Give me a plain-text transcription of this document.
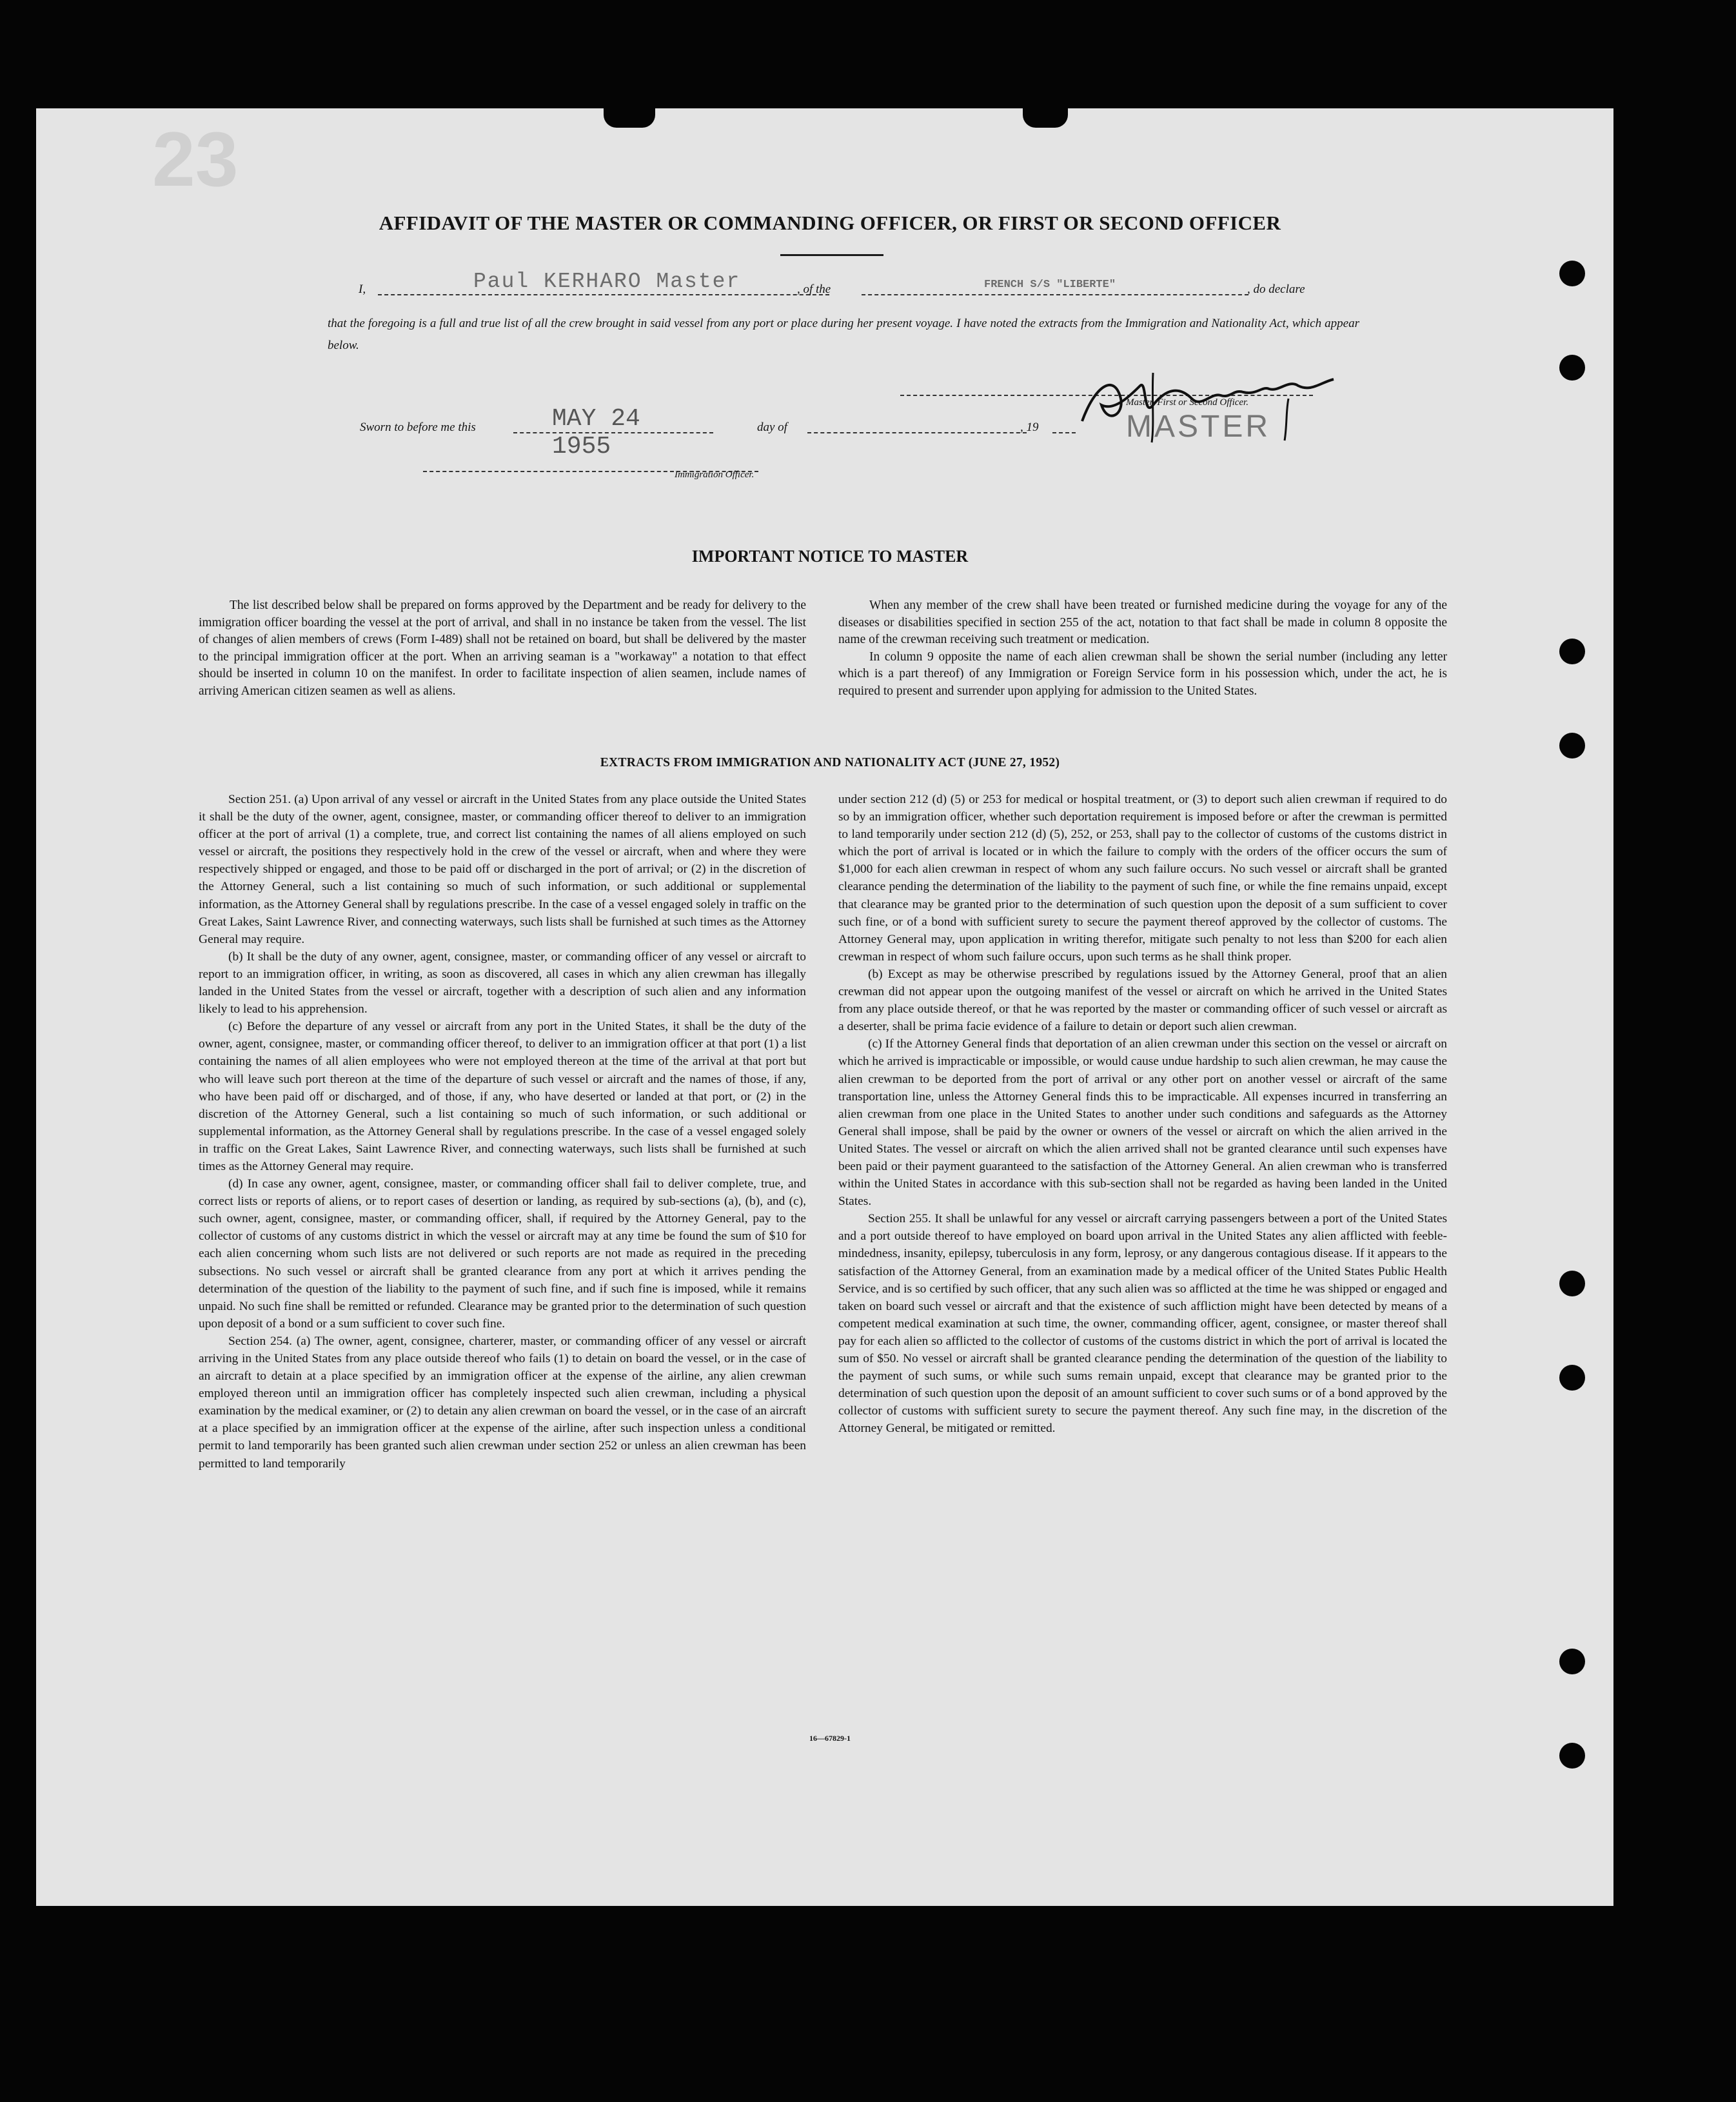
23
AFFIDAVIT OF THE MASTER OR COMMANDING OFFICER, OR FIRST OR SECOND OFFICER
I,	Paul KERHARO Master	, of the	FRENCH S/S "LIBERTE"	, do declare
that the foregoing is a full and true list of all the crew brought in said vessel from any port or place during her present voyage. I have noted the extracts from the Immigration and Nationality Act, which appear below.
Master, First or Second Officer.
MASTER
Sworn to before me this	MAY 24 1955
day of	, 19
Immigration Officer.
IMPORTANT NOTICE TO MASTER

The list described below shall be prepared on forms approved by the Department and be ready for delivery to the immigration officer boarding the vessel at the port of arrival, and shall in no instance be taken from the vessel. The list of changes of alien members of crews (Form I-489) shall not be retained on board, but shall be delivered by the master to the principal immigration officer at the port. When an arriving seaman is a "workaway" a notation to that effect should be inserted in column 10 on the manifest. In order to facilitate inspection of alien seamen, include names of arriving American citizen seamen as well as aliens.

When any member of the crew shall have been treated or furnished medicine during the voyage for any of the diseases or disabilities specified in section 255 of the act, notation to that fact shall be made in column 8 opposite the name of the crewman receiving such treatment or medication.

In column 9 opposite the name of each alien crewman shall be shown the serial number (including any letter which is a part thereof) of any Immigration or Foreign Service form in his possession which, under the act, he is required to present and surrender upon applying for admission to the United States.

EXTRACTS FROM IMMIGRATION AND NATIONALITY ACT (JUNE 27, 1952)

Section 251. (a) Upon arrival of any vessel or aircraft in the United States from any place outside the United States it shall be the duty of the owner, agent, consignee, master, or commanding officer thereof to deliver to an immigration officer at the port of arrival (1) a complete, true, and correct list containing the names of all aliens employed on such vessel or aircraft, the positions they respectively hold in the crew of the vessel or aircraft, when and where they were respectively shipped or engaged, and those to be paid off or discharged in the port of arrival; or (2) in the discretion of the Attorney General, such a list containing so much of such information, or such additional or supplemental information, as the Attorney General shall by regulations prescribe. In the case of a vessel engaged solely in traffic on the Great Lakes, Saint Lawrence River, and connecting waterways, such lists shall be furnished at such times as the Attorney General may require.

(b) It shall be the duty of any owner, agent, consignee, master, or commanding officer of any vessel or aircraft to report to an immigration officer, in writing, as soon as discovered, all cases in which any alien crewman has illegally landed in the United States from the vessel or aircraft, together with a description of such alien and any information likely to lead to his apprehension.

(c) Before the departure of any vessel or aircraft from any port in the United States, it shall be the duty of the owner, agent, consignee, master, or commanding officer thereof, to deliver to an immigration officer at that port (1) a list containing the names of all alien employees who were not employed thereon at the time of the arrival at that port but who will leave such port thereon at the time of the departure of such vessel or aircraft and the names of those, if any, who have been paid off or discharged, and of those, if any, who have deserted or landed at that port, or (2) in the discretion of the Attorney General, such a list containing so much of such information, or such additional or supplemental information, as the Attorney General shall by regulations prescribe. In the case of a vessel engaged solely in traffic on the Great Lakes, Saint Lawrence River, and connecting waterways, such lists shall be furnished at such times as the Attorney General may require.

(d) In case any owner, agent, consignee, master, or commanding officer shall fail to deliver complete, true, and correct lists or reports of aliens, or to report cases of desertion or landing, as required by sub-sections (a), (b), and (c), such owner, agent, consignee, master, or commanding officer, shall, if required by the Attorney General, pay to the collector of customs of any customs district in which the vessel or aircraft may at any time be found the sum of $10 for each alien concerning whom such lists are not delivered or such reports are not made as required in the preceding subsections. No such vessel or aircraft shall be granted clearance from any port at which it arrives pending the determination of the question of the liability to the payment of such fine, and if such fine is imposed, while it remains unpaid. No such fine shall be remitted or refunded. Clearance may be granted prior to the determination of such question upon deposit of a bond or a sum sufficient to cover such fine.

Section 254. (a) The owner, agent, consignee, charterer, master, or commanding officer of any vessel or aircraft arriving in the United States from any place outside thereof who fails (1) to detain on board the vessel, or in the case of an aircraft to detain at a place specified by an immigration officer at the expense of the airline, any alien crewman employed thereon until an immigration officer has completely inspected such alien crewman, including a physical examination by the medical examiner, or (2) to detain any alien crewman on board the vessel, or in the case of an aircraft at a place specified by an immigration officer at the expense of the airline, after such inspection unless a conditional permit to land temporarily has been granted such alien crewman under section 252 or unless an alien crewman has been permitted to land temporarily

under section 212 (d) (5) or 253 for medical or hospital treatment, or (3) to deport such alien crewman if required to do so by an immigration officer, whether such deportation requirement is imposed before or after the crewman is permitted to land temporarily under section 212 (d) (5), 252, or 253, shall pay to the collector of customs of the customs district in which the port of arrival is located or in which the failure to comply with the orders of the officer occurs the sum of $1,000 for each alien crewman in respect of whom any such failure occurs. No such vessel or aircraft shall be granted clearance pending the determination of the liability to the payment of such fine, or while the fine remains unpaid, except that clearance may be granted prior to the determination of such question upon the deposit of a sum sufficient to cover such fine, or of a bond with sufficient surety to secure the payment thereof approved by the collector of customs. The Attorney General may, upon application in writing therefor, mitigate such penalty to not less than $200 for each alien crewman in respect of whom such failure occurs, upon such terms as he shall think proper.

(b) Except as may be otherwise prescribed by regulations issued by the Attorney General, proof that an alien crewman did not appear upon the outgoing manifest of the vessel or aircraft on which he arrived in the United States from any place outside thereof, or that he was reported by the master or commanding officer of such vessel or aircraft as a deserter, shall be prima facie evidence of a failure to detain or deport such alien crewman.

(c) If the Attorney General finds that deportation of an alien crewman under this section on the vessel or aircraft on which he arrived is impracticable or impossible, or would cause undue hardship to such alien crewman, he may cause the alien crewman to be deported from the port of arrival or any other port on another vessel or aircraft of the same transportation line, unless the Attorney General finds this to be impracticable. All expenses incurred in transferring an alien crewman from one place in the United States to another under such conditions and safeguards as the Attorney General shall impose, shall be paid by the owner or owners of the vessel or aircraft on which the alien arrived in the United States. The vessel or aircraft on which the alien arrived shall not be granted clearance until such expenses have been paid or their payment guaranteed to the satisfaction of the Attorney General. An alien crewman who is transferred within the United States in accordance with this sub-section shall not be regarded as having been landed in the United States.

Section 255. It shall be unlawful for any vessel or aircraft carrying passengers between a port of the United States and a port outside thereof to have employed on board upon arrival in the United States any alien afflicted with feeble-mindedness, insanity, epilepsy, tuberculosis in any form, leprosy, or any dangerous contagious disease. If it appears to the satisfaction of the Attorney General, from an examination made by a medical officer of the United States Public Health Service, and is so certified by such officer, that any such alien was so afflicted at the time he was shipped or engaged and taken on board such vessel or aircraft and that the existence of such affliction might have been detected by means of a competent medical examination at such time, the owner, commanding officer, agent, consignee, or master thereof shall pay for each alien so afflicted to the collector of customs of the customs district in which the port of arrival is located the sum of $50. No vessel or aircraft shall be granted clearance pending the determination of the question of the liability to the payment of such sums, or while such sums remain unpaid, except that clearance may be granted prior to the determination of such question upon the deposit of an amount sufficient to cover such sums or of a bond approved by the collector of customs with sufficient surety to secure the payment thereof. Any such fine may, in the discretion of the Attorney General, be mitigated or remitted.

16—67829-1
